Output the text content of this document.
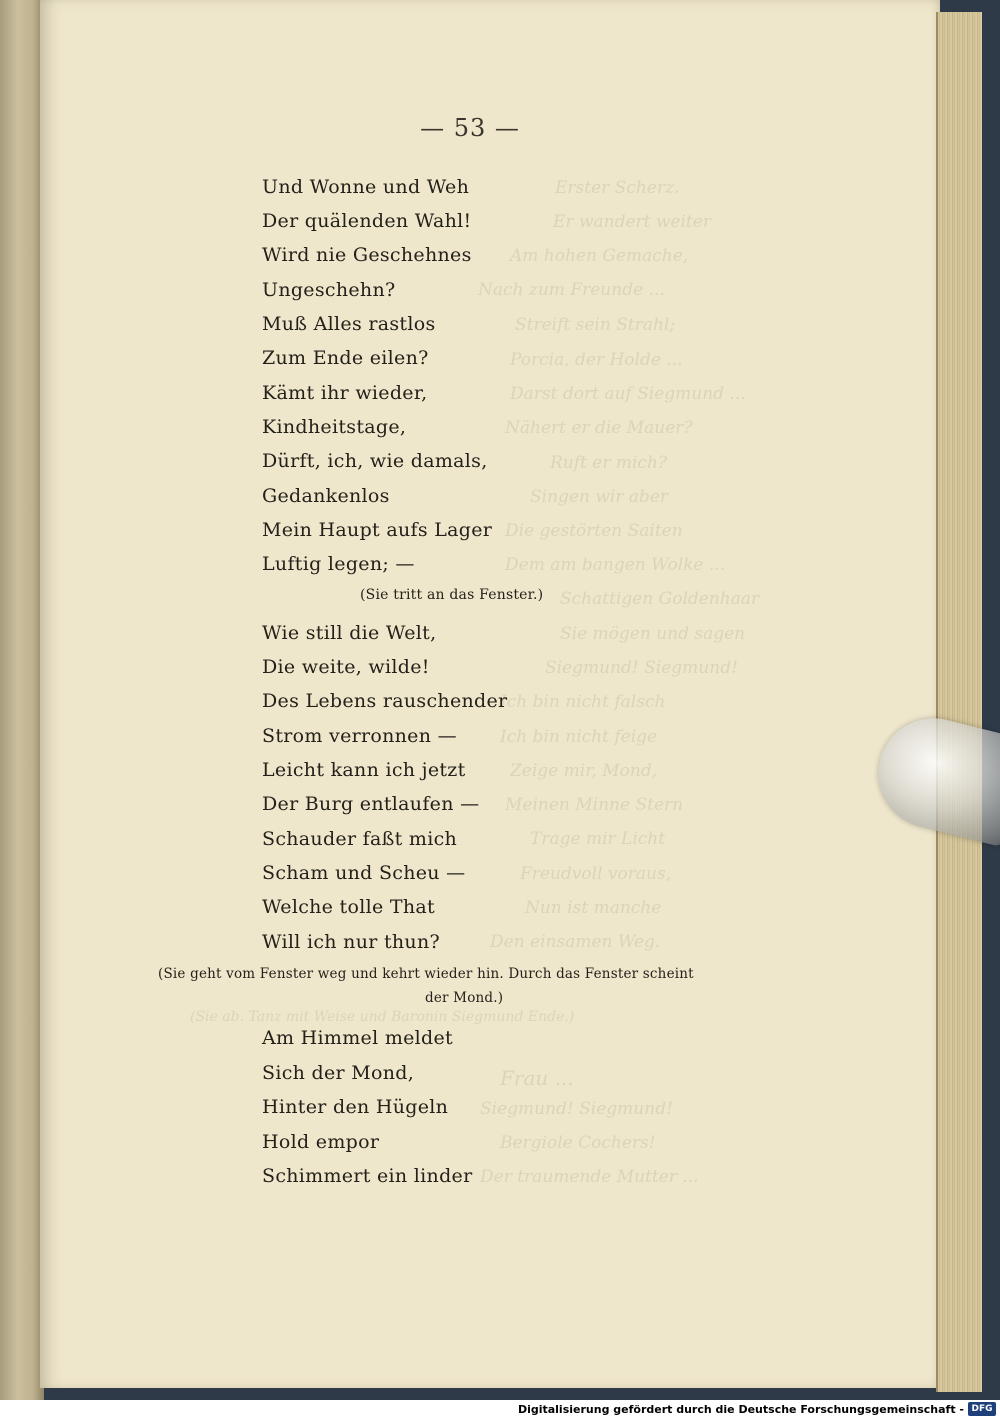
Erster Scherz.
Er wandert weiter
Am hohen Gemache,
Nach zum Freunde ...
Streift sein Strahl;
Porcia, der Holde ...
Darst dort auf Siegmund ...
Nähert er die Mauer?
Ruft er mich?
Singen wir aber
Die gestörten Saiten
Dem am bangen Wolke ...
Schattigen Goldenhaar
Sie mögen und sagen
Siegmund! Siegmund!
Ich bin nicht falsch
Ich bin nicht feige
Zeige mir, Mond,
Meinen Minne Stern
Trage mir Licht
Freudvoll voraus,
Nun ist manche
Den einsamen Weg.
(Sie ab. Tanz mit Weise und Baronin Siegmund Ende.)
Frau ...
Siegmund! Siegmund!
Bergiole Cochers!
Der traumende Mutter ...
— 53 —
Und Wonne und Weh
Der quälenden Wahl!
Wird nie Geschehnes
Ungeschehn?
Muß Alles rastlos
Zum Ende eilen?
Kämt ihr wieder,
Kindheitstage,
Dürft, ich, wie damals,
Gedankenlos
Mein Haupt aufs Lager
Luftig legen; —
(Sie tritt an das Fenster.)
Wie still die Welt,
Die weite, wilde!
Des Lebens rauschender
Strom verronnen —
Leicht kann ich jetzt
Der Burg entlaufen —
Schauder faßt mich
Scham und Scheu —
Welche tolle That
Will ich nur thun?
(Sie geht vom Fenster weg und kehrt wieder hin. Durch das Fenster scheint
der Mond.)
Am Himmel meldet
Sich der Mond,
Hinter den Hügeln
Hold empor
Schimmert ein linder
Digitalisierung gefördert durch die Deutsche Forschungsgemeinschaft - DFG
